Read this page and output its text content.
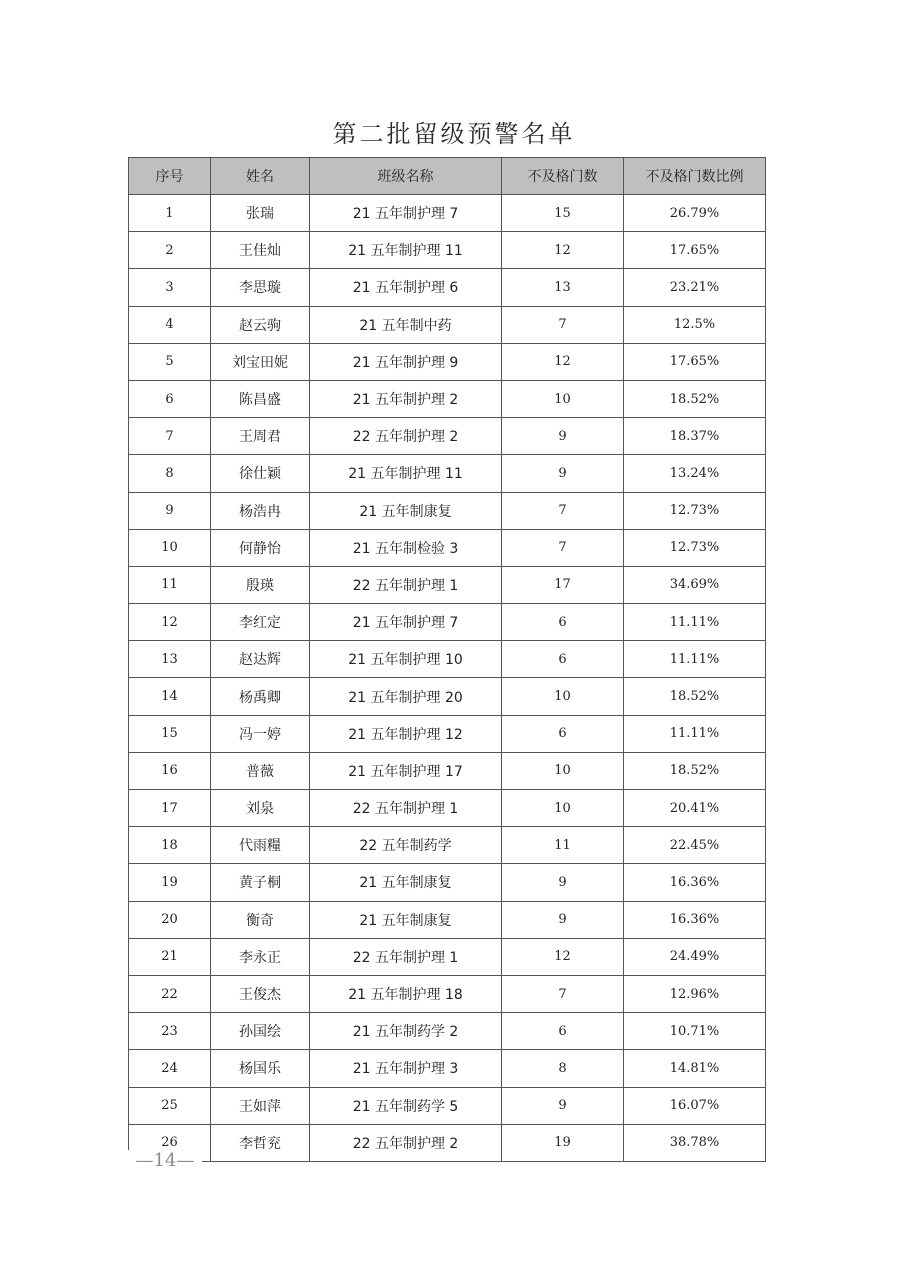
第二批留级预警名单
序号	姓名	班级名称	不及格门数	不及格门数比例
1	张瑞	21 五年制护理 7	15	26.79%
2	王佳灿	21 五年制护理 11	12	17.65%
3	李思璇	21 五年制护理 6	13	23.21%
4	赵云驹	21 五年制中药	7	12.5%
5	刘宝田妮	21 五年制护理 9	12	17.65%
6	陈昌盛	21 五年制护理 2	10	18.52%
7	王周君	22 五年制护理 2	9	18.37%
8	徐仕颖	21 五年制护理 11	9	13.24%
9	杨浩冉	21 五年制康复	7	12.73%
10	何静怡	21 五年制检验 3	7	12.73%
11	殷瑛	22 五年制护理 1	17	34.69%
12	李红定	21 五年制护理 7	6	11.11%
13	赵达辉	21 五年制护理 10	6	11.11%
14	杨禹卿	21 五年制护理 20	10	18.52%
15	冯一婷	21 五年制护理 12	6	11.11%
16	普薇	21 五年制护理 17	10	18.52%
17	刘泉	22 五年制护理 1	10	20.41%
18	代雨糧	22 五年制药学	11	22.45%
19	黄子桐	21 五年制康复	9	16.36%
20	衡奇	21 五年制康复	9	16.36%
21	李永正	22 五年制护理 1	12	24.49%
22	王俊杰	21 五年制护理 18	7	12.96%
23	孙国绘	21 五年制药学 2	6	10.71%
24	杨国乐	21 五年制护理 3	8	14.81%
25	王如萍	21 五年制药学 5	9	16.07%
26	李哲兖	22 五年制护理 2	19	38.78%
—14—
